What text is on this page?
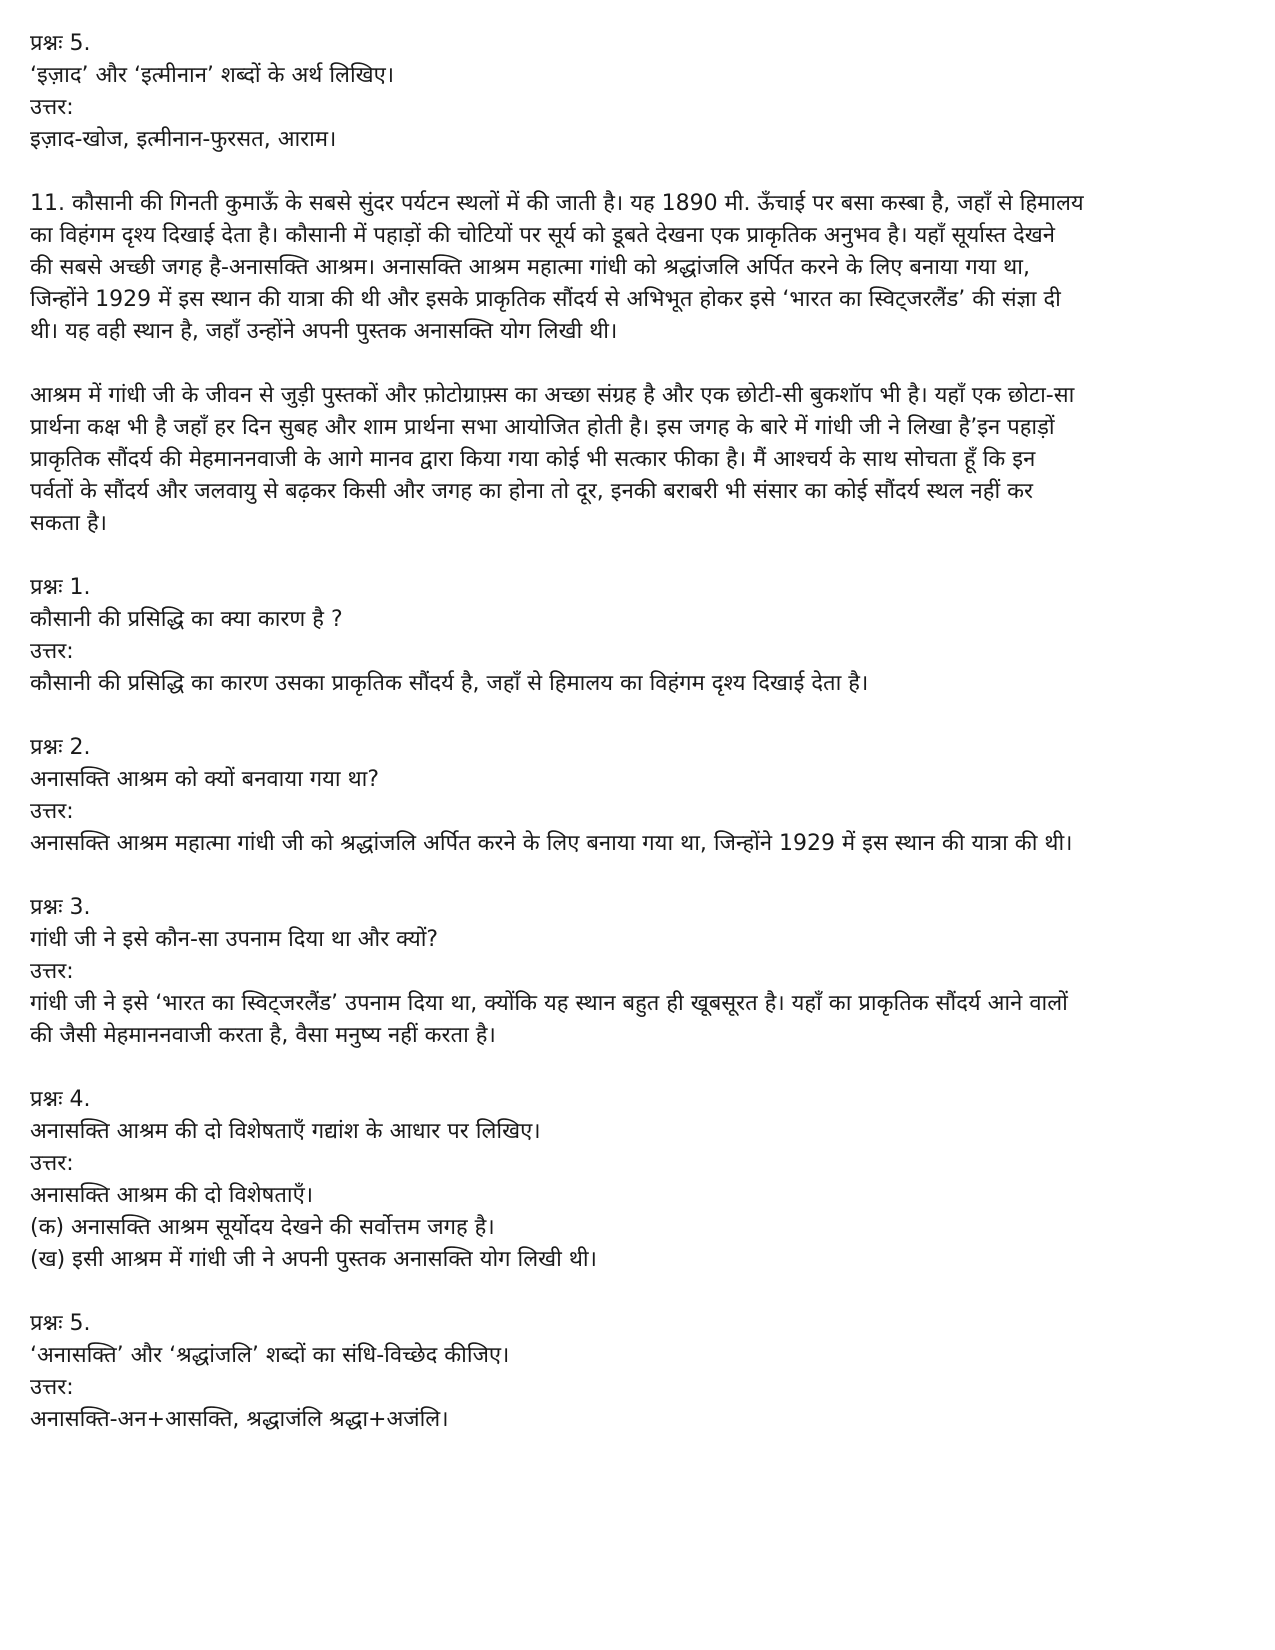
प्रश्नः 5.

‘इज़ाद’ और ‘इत्मीनान’ शब्दों के अर्थ लिखिए।

उत्तर:

इज़ाद-खोज, इत्मीनान-फुरसत, आराम।

11. कौसानी की गिनती कुमाऊँ के सबसे सुंदर पर्यटन स्थलों में की जाती है। यह 1890 मी. ऊँचाई पर बसा कस्बा है, जहाँ से हिमालय

का विहंगम दृश्य दिखाई देता है। कौसानी में पहाड़ों की चोटियों पर सूर्य को डूबते देखना एक प्राकृतिक अनुभव है। यहाँ सूर्यास्त देखने

की सबसे अच्छी जगह है-अनासक्ति आश्रम। अनासक्ति आश्रम महात्मा गांधी को श्रद्धांजलि अर्पित करने के लिए बनाया गया था,

जिन्होंने 1929 में इस स्थान की यात्रा की थी और इसके प्राकृतिक सौंदर्य से अभिभूत होकर इसे ‘भारत का स्विट्जरलैंड’ की संज्ञा दी

थी। यह वही स्थान है, जहाँ उन्होंने अपनी पुस्तक अनासक्ति योग लिखी थी।

आश्रम में गांधी जी के जीवन से जुड़ी पुस्तकों और फ़ोटोग्राफ़्स का अच्छा संग्रह है और एक छोटी-सी बुकशॉप भी है। यहाँ एक छोटा-सा

प्रार्थना कक्ष भी है जहाँ हर दिन सुबह और शाम प्रार्थना सभा आयोजित होती है। इस जगह के बारे में गांधी जी ने लिखा है’इन पहाड़ों

प्राकृतिक सौंदर्य की मेहमाननवाजी के आगे मानव द्वारा किया गया कोई भी सत्कार फीका है। मैं आश्चर्य के साथ सोचता हूँ कि इन

पर्वतों के सौंदर्य और जलवायु से बढ़कर किसी और जगह का होना तो दूर, इनकी बराबरी भी संसार का कोई सौंदर्य स्थल नहीं कर

सकता है।

प्रश्नः 1.

कौसानी की प्रसिद्धि का क्या कारण है ?

उत्तर:

कौसानी की प्रसिद्धि का कारण उसका प्राकृतिक सौंदर्य है, जहाँ से हिमालय का विहंगम दृश्य दिखाई देता है।

प्रश्नः 2.

अनासक्ति आश्रम को क्यों बनवाया गया था?

उत्तर:

अनासक्ति आश्रम महात्मा गांधी जी को श्रद्धांजलि अर्पित करने के लिए बनाया गया था, जिन्होंने 1929 में इस स्थान की यात्रा की थी।

प्रश्नः 3.

गांधी जी ने इसे कौन-सा उपनाम दिया था और क्यों?

उत्तर:

गांधी जी ने इसे ‘भारत का स्विट्जरलैंड’ उपनाम दिया था, क्योंकि यह स्थान बहुत ही खूबसूरत है। यहाँ का प्राकृतिक सौंदर्य आने वालों

की जैसी मेहमाननवाजी करता है, वैसा मनुष्य नहीं करता है।

प्रश्नः 4.

अनासक्ति आश्रम की दो विशेषताएँ गद्यांश के आधार पर लिखिए।

उत्तर:

अनासक्ति आश्रम की दो विशेषताएँ।

(क) अनासक्ति आश्रम सूर्योदय देखने की सर्वोत्तम जगह है।

(ख) इसी आश्रम में गांधी जी ने अपनी पुस्तक अनासक्ति योग लिखी थी।

प्रश्नः 5.

‘अनासक्ति’ और ‘श्रद्धांजलि’ शब्दों का संधि-विच्छेद कीजिए।

उत्तर:

अनासक्ति-अन+आसक्ति, श्रद्धाजंलि श्रद्धा+अजंलि।
